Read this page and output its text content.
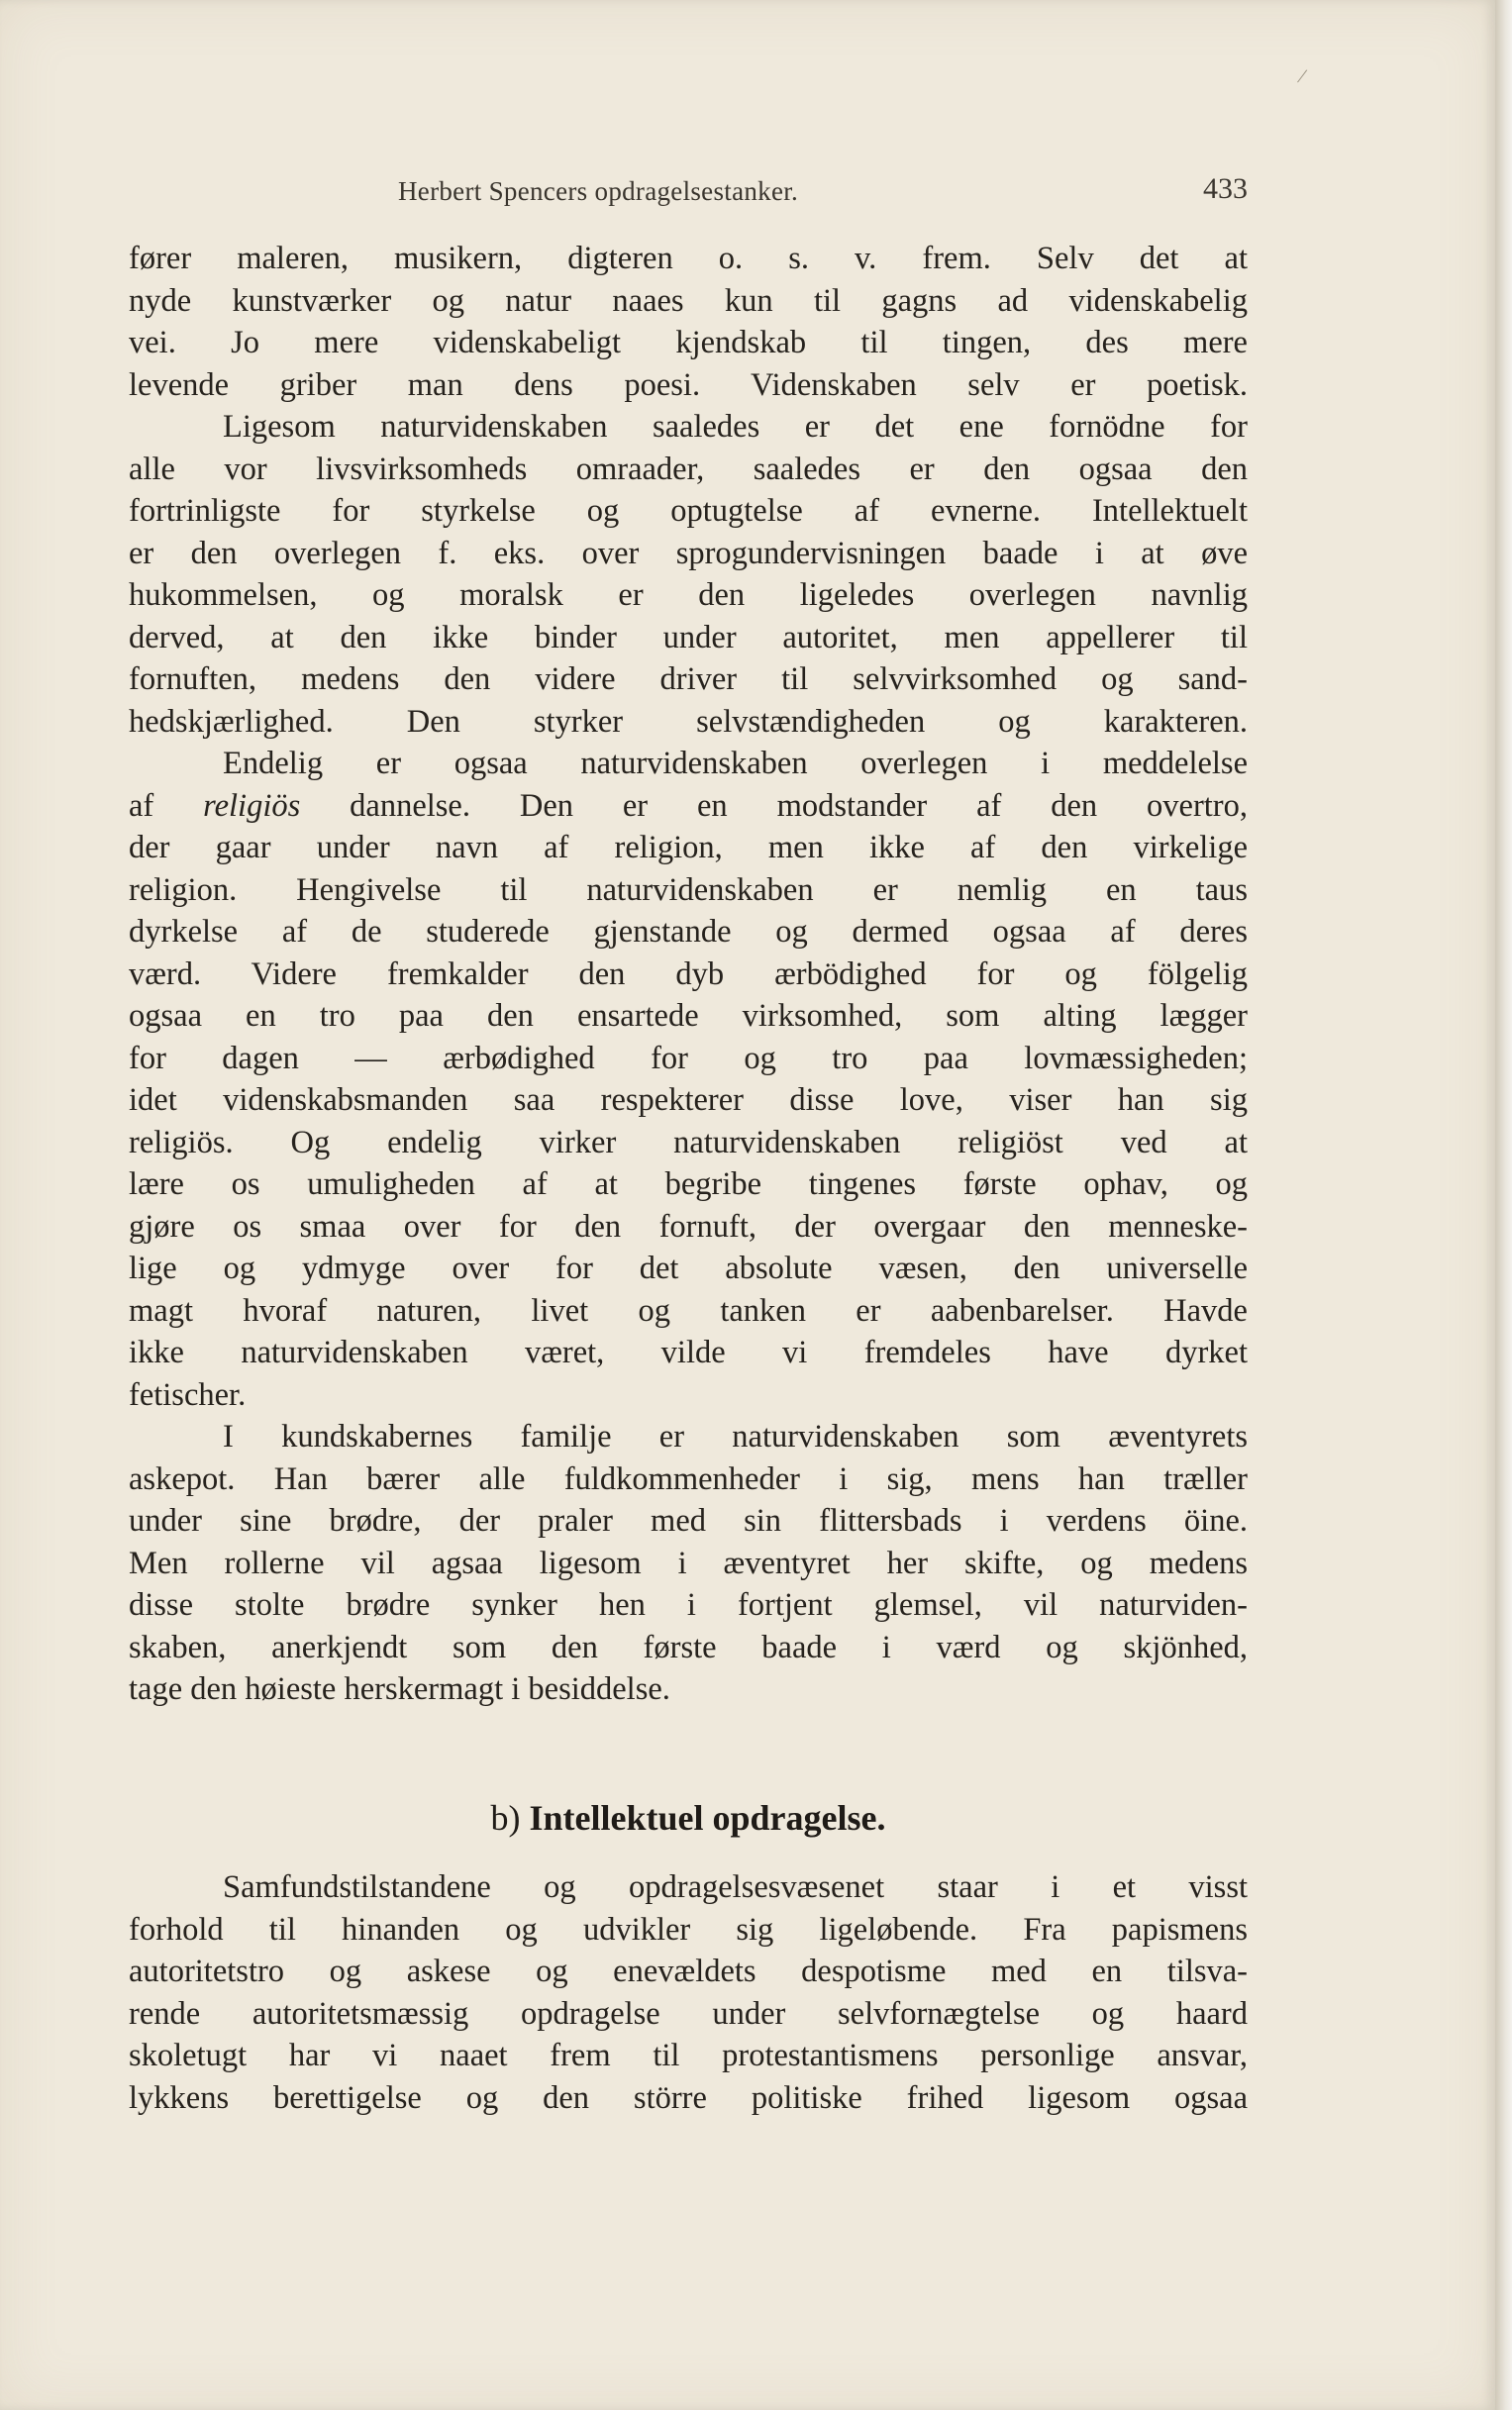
/
Herbert Spencers opdragelsestanker.	433
fører maleren, musikern, digteren o. s. v. frem. Selv det at
nyde kunstværker og natur naaes kun til gagns ad videnskabelig
vei. Jo mere videnskabeligt kjendskab til tingen, des mere
levende griber man dens poesi. Videnskaben selv er poetisk.
Ligesom naturvidenskaben saaledes er det ene fornödne for
alle vor livsvirksomheds omraader, saaledes er den ogsaa den
fortrinligste for styrkelse og optugtelse af evnerne. Intellektuelt
er den overlegen f. eks. over sprogundervisningen baade i at øve
hukommelsen, og moralsk er den ligeledes overlegen navnlig
derved, at den ikke binder under autoritet, men appellerer til
fornuften, medens den videre driver til selvvirksomhed og sand-
hedskjærlighed. Den styrker selvstændigheden og karakteren.
Endelig er ogsaa naturvidenskaben overlegen i meddelelse
af religiös dannelse. Den er en modstander af den overtro,
der gaar under navn af religion, men ikke af den virkelige
religion. Hengivelse til naturvidenskaben er nemlig en taus
dyrkelse af de studerede gjenstande og dermed ogsaa af deres
værd. Videre fremkalder den dyb ærbödighed for og fölgelig
ogsaa en tro paa den ensartede virksomhed, som alting lægger
for dagen — ærbødighed for og tro paa lovmæssigheden;
idet videnskabsmanden saa respekterer disse love, viser han sig
religiös. Og endelig virker naturvidenskaben religiöst ved at
lære os umuligheden af at begribe tingenes første ophav, og
gjøre os smaa over for den fornuft, der overgaar den menneske-
lige og ydmyge over for det absolute væsen, den universelle
magt hvoraf naturen, livet og tanken er aabenbarelser. Havde
ikke naturvidenskaben været, vilde vi fremdeles have dyrket
fetischer.
I kundskabernes familje er naturvidenskaben som æventyrets
askepot. Han bærer alle fuldkommenheder i sig, mens han træller
under sine brødre, der praler med sin flittersbads i verdens öine.
Men rollerne vil agsaa ligesom i æventyret her skifte, og medens
disse stolte brødre synker hen i fortjent glemsel, vil naturviden-
skaben, anerkjendt som den første baade i værd og skjönhed,
tage den høieste herskermagt i besiddelse.
b) Intellektuel opdragelse.
Samfundstilstandene og opdragelsesvæsenet staar i et visst
forhold til hinanden og udvikler sig ligeløbende. Fra papismens
autoritetstro og askese og enevældets despotisme med en tilsva-
rende autoritetsmæssig opdragelse under selvfornægtelse og haard
skoletugt har vi naaet frem til protestantismens personlige ansvar,
lykkens berettigelse og den större politiske frihed ligesom ogsaa
